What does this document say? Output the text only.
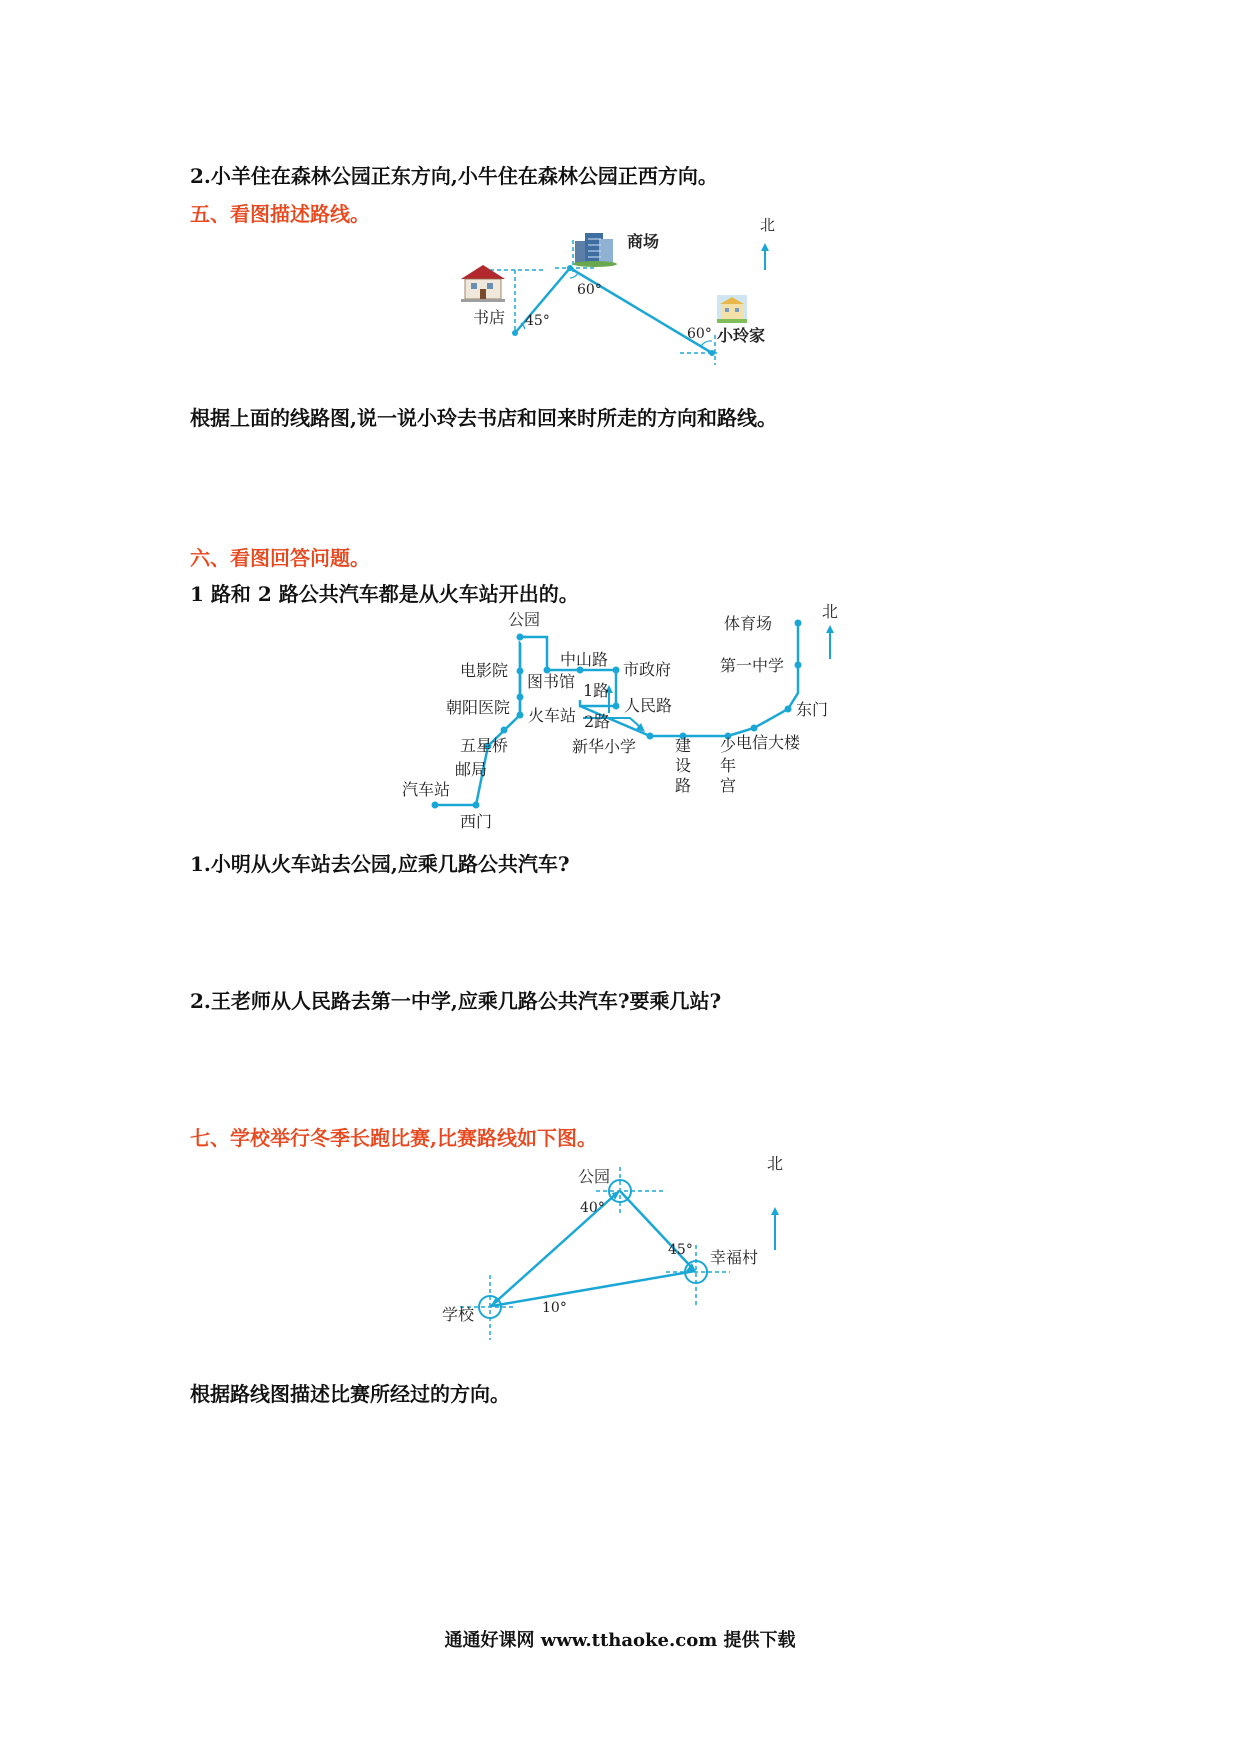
2.小羊住在森林公园正东方向,小牛住在森林公园正西方向。
五、看图描述路线。	北
商场
书店
小玲家
45°
60°
60°
根据上面的线路图,说一说小玲去书店和回来时所走的方向和路线。
六、看图回答问题。
1 路和 2 路公共汽车都是从火车站开出的。
北
公园
中山路
市政府
电影院
图书馆 1路
人民路
朝阳医院 火车站 2路
五星桥	新华小学
邮局
汽车站
西门
电信大楼
东门
第一中学
体育场
建 设 路
少 年 宫
1.小明从火车站去公园,应乘几路公共汽车?
2.王老师从人民路去第一中学,应乘几路公共汽车?要乘几站?
七、学校举行冬季长跑比赛,比赛路线如下图。
北
公园
40°
45° 幸福村
10°
学校
根据路线图描述比赛所经过的方向。
通通好课网 www.tthaoke.com 提供下载
